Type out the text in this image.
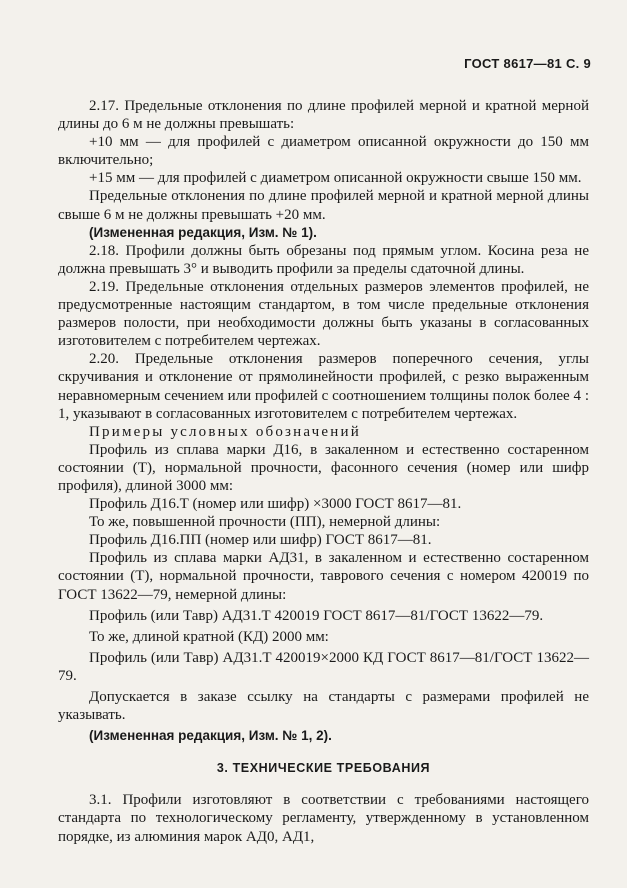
ГОСТ 8617—81 С. 9

2.17. Предельные отклонения по длине профилей мерной и кратной мерной длины до 6 м не должны превышать:

+10 мм — для профилей с диаметром описанной окружности до 150 мм включительно;

+15 мм — для профилей с диаметром описанной окружности свыше 150 мм.

Предельные отклонения по длине профилей мерной и кратной мерной длины свыше 6 м не должны превышать +20 мм.

(Измененная редакция, Изм. № 1).

2.18. Профили должны быть обрезаны под прямым углом. Косина реза не должна превышать 3° и выводить профили за пределы сдаточной длины.

2.19. Предельные отклонения отдельных размеров элементов профилей, не предусмотренные настоящим стандартом, в том числе предельные отклонения размеров полости, при необходимости должны быть указаны в согласованных изготовителем с потребителем чертежах.

2.20. Предельные отклонения размеров поперечного сечения, углы скручивания и отклонение от прямолинейности профилей, с резко выраженным неравномерным сечением или профилей с соотношением толщины полок более 4 : 1, указывают в согласованных изготовителем с потребителем чертежах.

Примеры условных обозначений

Профиль из сплава марки Д16, в закаленном и естественно состаренном состоянии (Т), нормальной прочности, фасонного сечения (номер или шифр профиля), длиной 3000 мм:

Профиль Д16.Т (номер или шифр) ×3000 ГОСТ 8617—81.

То же, повышенной прочности (ПП), немерной длины:

Профиль Д16.ПП (номер или шифр) ГОСТ 8617—81.

Профиль из сплава марки АД31, в закаленном и естественно состаренном состоянии (Т), нормальной прочности, таврового сечения с номером 420019 по ГОСТ 13622—79, немерной длины:

Профиль (или Тавр) АД31.Т 420019 ГОСТ 8617—81/ГОСТ 13622—79.

То же, длиной кратной (КД) 2000 мм:

Профиль (или Тавр) АД31.Т 420019×2000 КД ГОСТ 8617—81/ГОСТ 13622—79.

Допускается в заказе ссылку на стандарты с размерами профилей не указывать.

(Измененная редакция, Изм. № 1, 2).

3. ТЕХНИЧЕСКИЕ ТРЕБОВАНИЯ

3.1. Профили изготовляют в соответствии с требованиями настоящего стандарта по технологическому регламенту, утвержденному в установленном порядке, из алюминия марок АД0, АД1,
